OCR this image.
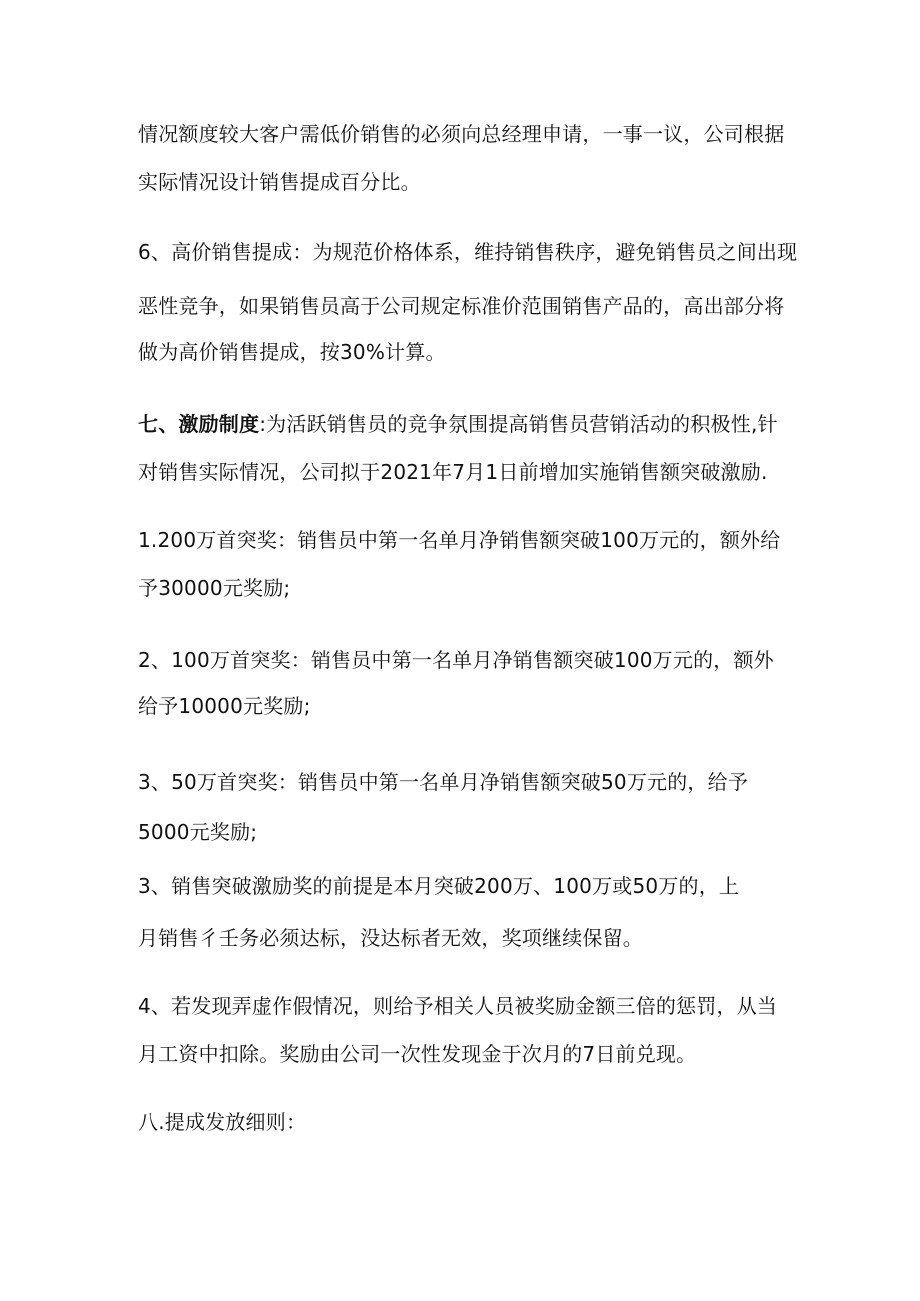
情况额度较大客户需低价销售的必须向总经理申请，一事一议，公司根据

实际情况设计销售提成百分比。

6、高价销售提成：为规范价格体系，维持销售秩序，避免销售员之间出现

恶性竞争，如果销售员高于公司规定标准价范围销售产品的，高出部分将

做为高价销售提成，按30%计算。

七、激励制度:为活跃销售员的竞争氛围提高销售员营销活动的积极性,针

对销售实际情况，公司拟于2021年7月1日前增加实施销售额突破激励.

1.200万首突奖：销售员中第一名单月净销售额突破100万元的，额外给

予30000元奖励;

2、100万首突奖：销售员中第一名单月净销售额突破100万元的，额外

给予10000元奖励;

3、50万首突奖：销售员中第一名单月净销售额突破50万元的，给予

5000元奖励;

3、销售突破激励奖的前提是本月突破200万、100万或50万的，上

月销售彳壬务必须达标，没达标者无效，奖项继续保留。

4、若发现弄虚作假情况，则给予相关人员被奖励金额三倍的惩罚，从当

月工资中扣除。奖励由公司一次性发现金于次月的7日前兑现。

八.提成发放细则：
